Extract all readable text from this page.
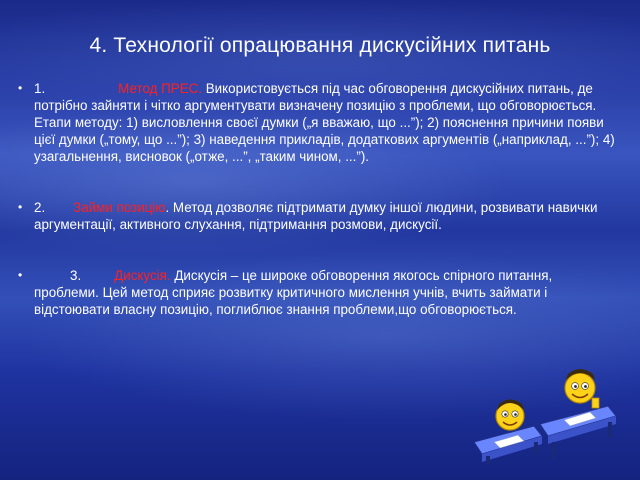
4. Технології опрацювання дискусійних питань
• 1.	Метод ПРЕС. Використовується під час обговорення дискусійних питань, де потрібно зайняти і чітко аргументувати визначену позицію з проблеми, що обговорюється. Етапи методу: 1) висловлення своєї думки („я вважаю, що ...”); 2) пояснення причини появи цієї думки („тому, що ...”); 3) наведення прикладів, додаткових аргументів („наприклад, ...”); 4) узагальнення, висновок („отже, ...”, „таким чином, ...”).
• 2. Займи позицію. Метод дозволяє підтримати думку іншої людини, розвивати навички аргументації, активного слухання, підтримання розмови, дискусії.
•	3. Дискусія. Дискусія – це широке обговорення якогось спірного питання, проблеми. Цей метод сприяє розвитку критичного мислення учнів, вчить займати і відстоювати власну позицію, поглиблює знання проблеми,що обговорюється.
